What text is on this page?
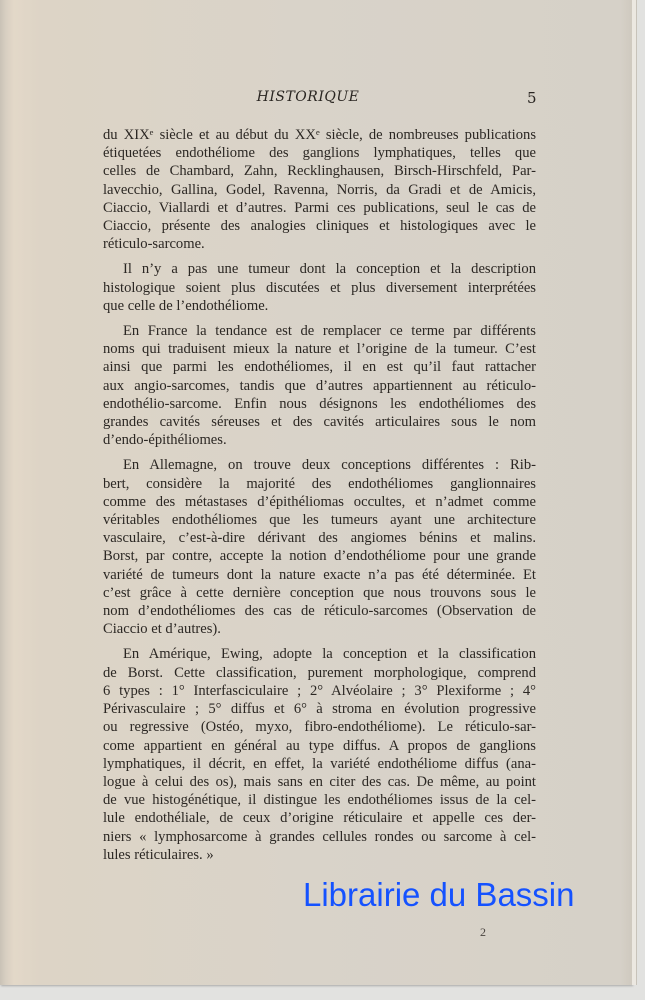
HISTORIQUE	5
du XIXᵉ siècle et au début du XXᵉ siècle, de nombreuses publications
étiquetées endothéliome des ganglions lymphatiques, telles que
celles de Chambard, Zahn, Recklinghausen, Birsch-Hirschfeld, Par-
lavecchio, Gallina, Godel, Ravenna, Norris, da Gradi et de Amicis,
Ciaccio, Viallardi et d’autres. Parmi ces publications, seul le cas de
Ciaccio, présente des analogies cliniques et histologiques avec le
réticulo-sarcome.
Il n’y a pas une tumeur dont la conception et la description
histologique soient plus discutées et plus diversement interprétées
que celle de l’endothéliome.
En France la tendance est de remplacer ce terme par différents
noms qui traduisent mieux la nature et l’origine de la tumeur. C’est
ainsi que parmi les endothéliomes, il en est qu’il faut rattacher
aux angio-sarcomes, tandis que d’autres appartiennent au réticulo-
endothélio-sarcome. Enfin nous désignons les endothéliomes des
grandes cavités séreuses et des cavités articulaires sous le nom
d’endo-épithéliomes.
En Allemagne, on trouve deux conceptions différentes : Rib-
bert, considère la majorité des endothéliomes ganglionnaires
comme des métastases d’épithéliomas occultes, et n’admet comme
véritables endothéliomes que les tumeurs ayant une architecture
vasculaire, c’est-à-dire dérivant des angiomes bénins et malins.
Borst, par contre, accepte la notion d’endothéliome pour une grande
variété de tumeurs dont la nature exacte n’a pas été déterminée. Et
c’est grâce à cette dernière conception que nous trouvons sous le
nom d’endothéliomes des cas de réticulo-sarcomes (Observation de
Ciaccio et d’autres).
En Amérique, Ewing, adopte la conception et la classification
de Borst. Cette classification, purement morphologique, comprend
6 types : 1° Interfasciculaire ; 2° Alvéolaire ; 3° Plexiforme ; 4°
Périvasculaire ; 5° diffus et 6° à stroma en évolution progressive
ou regressive (Ostéo, myxo, fibro-endothéliome). Le réticulo-sar-
come appartient en général au type diffus. A propos de ganglions
lymphatiques, il décrit, en effet, la variété endothéliome diffus (ana-
logue à celui des os), mais sans en citer des cas. De même, au point
de vue histogénétique, il distingue les endothéliomes issus de la cel-
lule endothéliale, de ceux d’origine réticulaire et appelle ces der-
niers « lymphosarcome à grandes cellules rondes ou sarcome à cel-
lules réticulaires. »
2
Librairie du Bassin
